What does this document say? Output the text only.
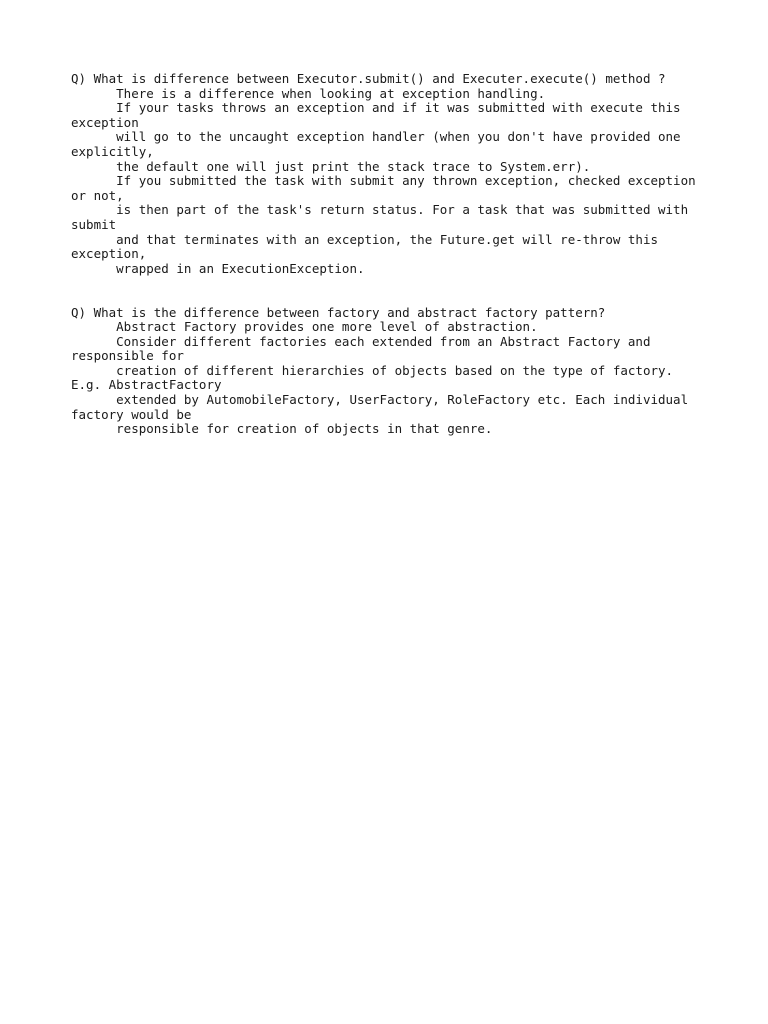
Q) What is difference between Executor.submit() and Executer.execute() method ?
There is a difference when looking at exception handling.
If your tasks throws an exception and if it was submitted with execute this
exception
will go to the uncaught exception handler (when you don't have provided one
explicitly,
the default one will just print the stack trace to System.err).
If you submitted the task with submit any thrown exception, checked exception
or not,
is then part of the task's return status. For a task that was submitted with
submit
and that terminates with an exception, the Future.get will re-throw this
exception,
wrapped in an ExecutionException.
Q) What is the difference between factory and abstract factory pattern?
Abstract Factory provides one more level of abstraction.
Consider different factories each extended from an Abstract Factory and
responsible for
creation of different hierarchies of objects based on the type of factory.
E.g. AbstractFactory
extended by AutomobileFactory, UserFactory, RoleFactory etc. Each individual
factory would be
responsible for creation of objects in that genre.
